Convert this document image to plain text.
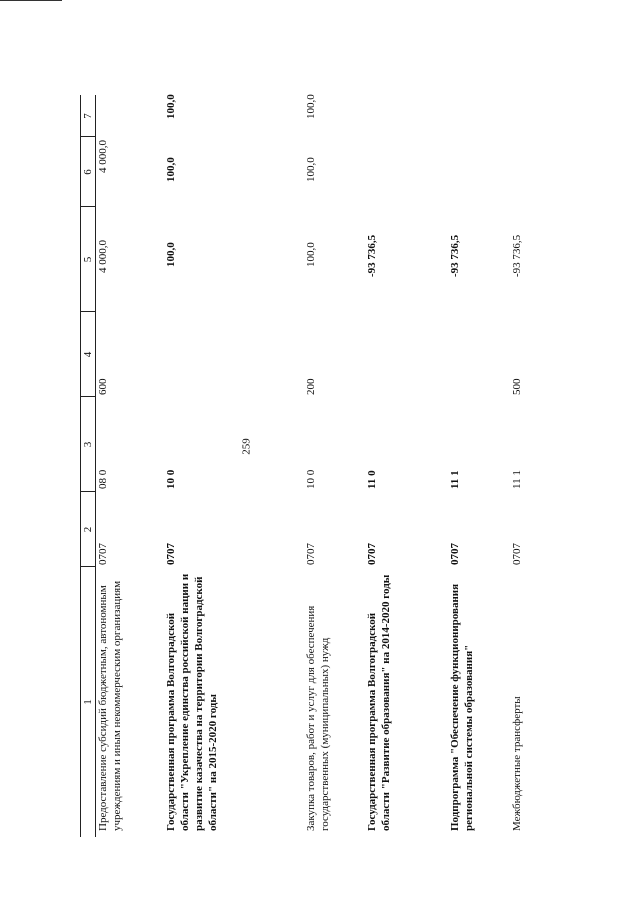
259
1
2
3
4
5
6
7
Предоставление субсидий бюджетным, автономным учреждениям и иным некоммерческим организациям
0707
08 0
600
4 000,0
4 000,0
Государственная программа Волгоградской области "Укрепление единства российской нации и развитие казачества на территории Волгоградской области" на 2015-2020 годы
0707
10 0
100,0
100,0
100,0
Закупка товаров, работ и услуг для обеспечения государственных (муниципальных) нужд
0707
10 0
200
100,0
100,0
100,0
Государственная программа Волгоградской области "Развитие образования" на 2014-2020 годы
0707
11 0
-93 736,5
Подпрограмма "Обеспечение функционирования региональной системы образования"
0707
11 1
-93 736,5
Межбюджетные трансферты
0707
11 1
500
-93 736,5
